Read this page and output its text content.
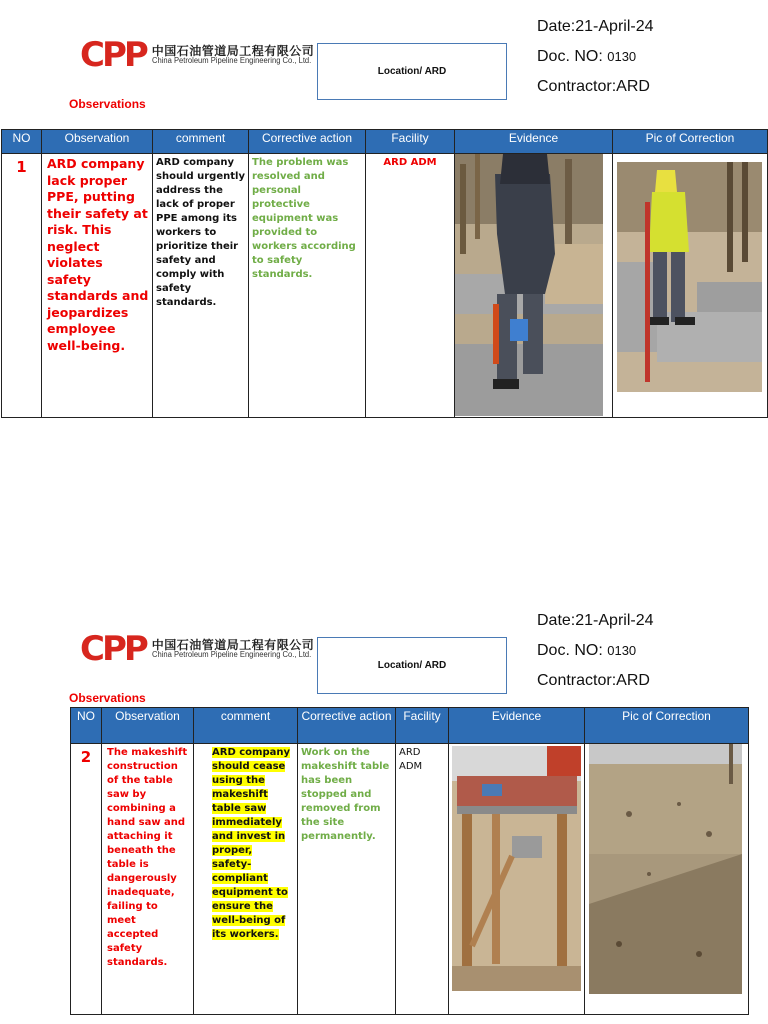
CPP 中国石油管道局工程有限公司
China Petroleum Pipeline Engineering Co., Ltd.
Location/ ARD
Date:21-April-24
Doc. NO: 0130
Contractor:ARD
Observations
NO	Observation	comment	Corrective action	Facility	Evidence	Pic of Correction
1	ARD company lack proper PPE, putting their safety at risk. This neglect violates safety standards and jeopardizes employee well-being.	ARD company should urgently address the lack of proper PPE among its workers to prioritize their safety and comply with safety standards.	The problem was resolved and personal protective equipment was provided to workers according to safety standards.	ARD ADM	

CPP 中国石油管道局工程有限公司
China Petroleum Pipeline Engineering Co., Ltd.
Location/ ARD
Date:21-April-24
Doc. NO: 0130
Contractor:ARD
Observations
NO	Observation	comment	Corrective action	Facility	Evidence	Pic of Correction
2	The makeshift construction of the table saw by combining a hand saw and attaching it beneath the table is dangerously inadequate, failing to meet accepted safety standards.	ARD company should cease using the makeshift table saw immediately and invest in proper, safety-compliant equipment to ensure the well-being of its workers.	Work on the makeshift table has been stopped and removed from the site permanently.	ARD ADM	
